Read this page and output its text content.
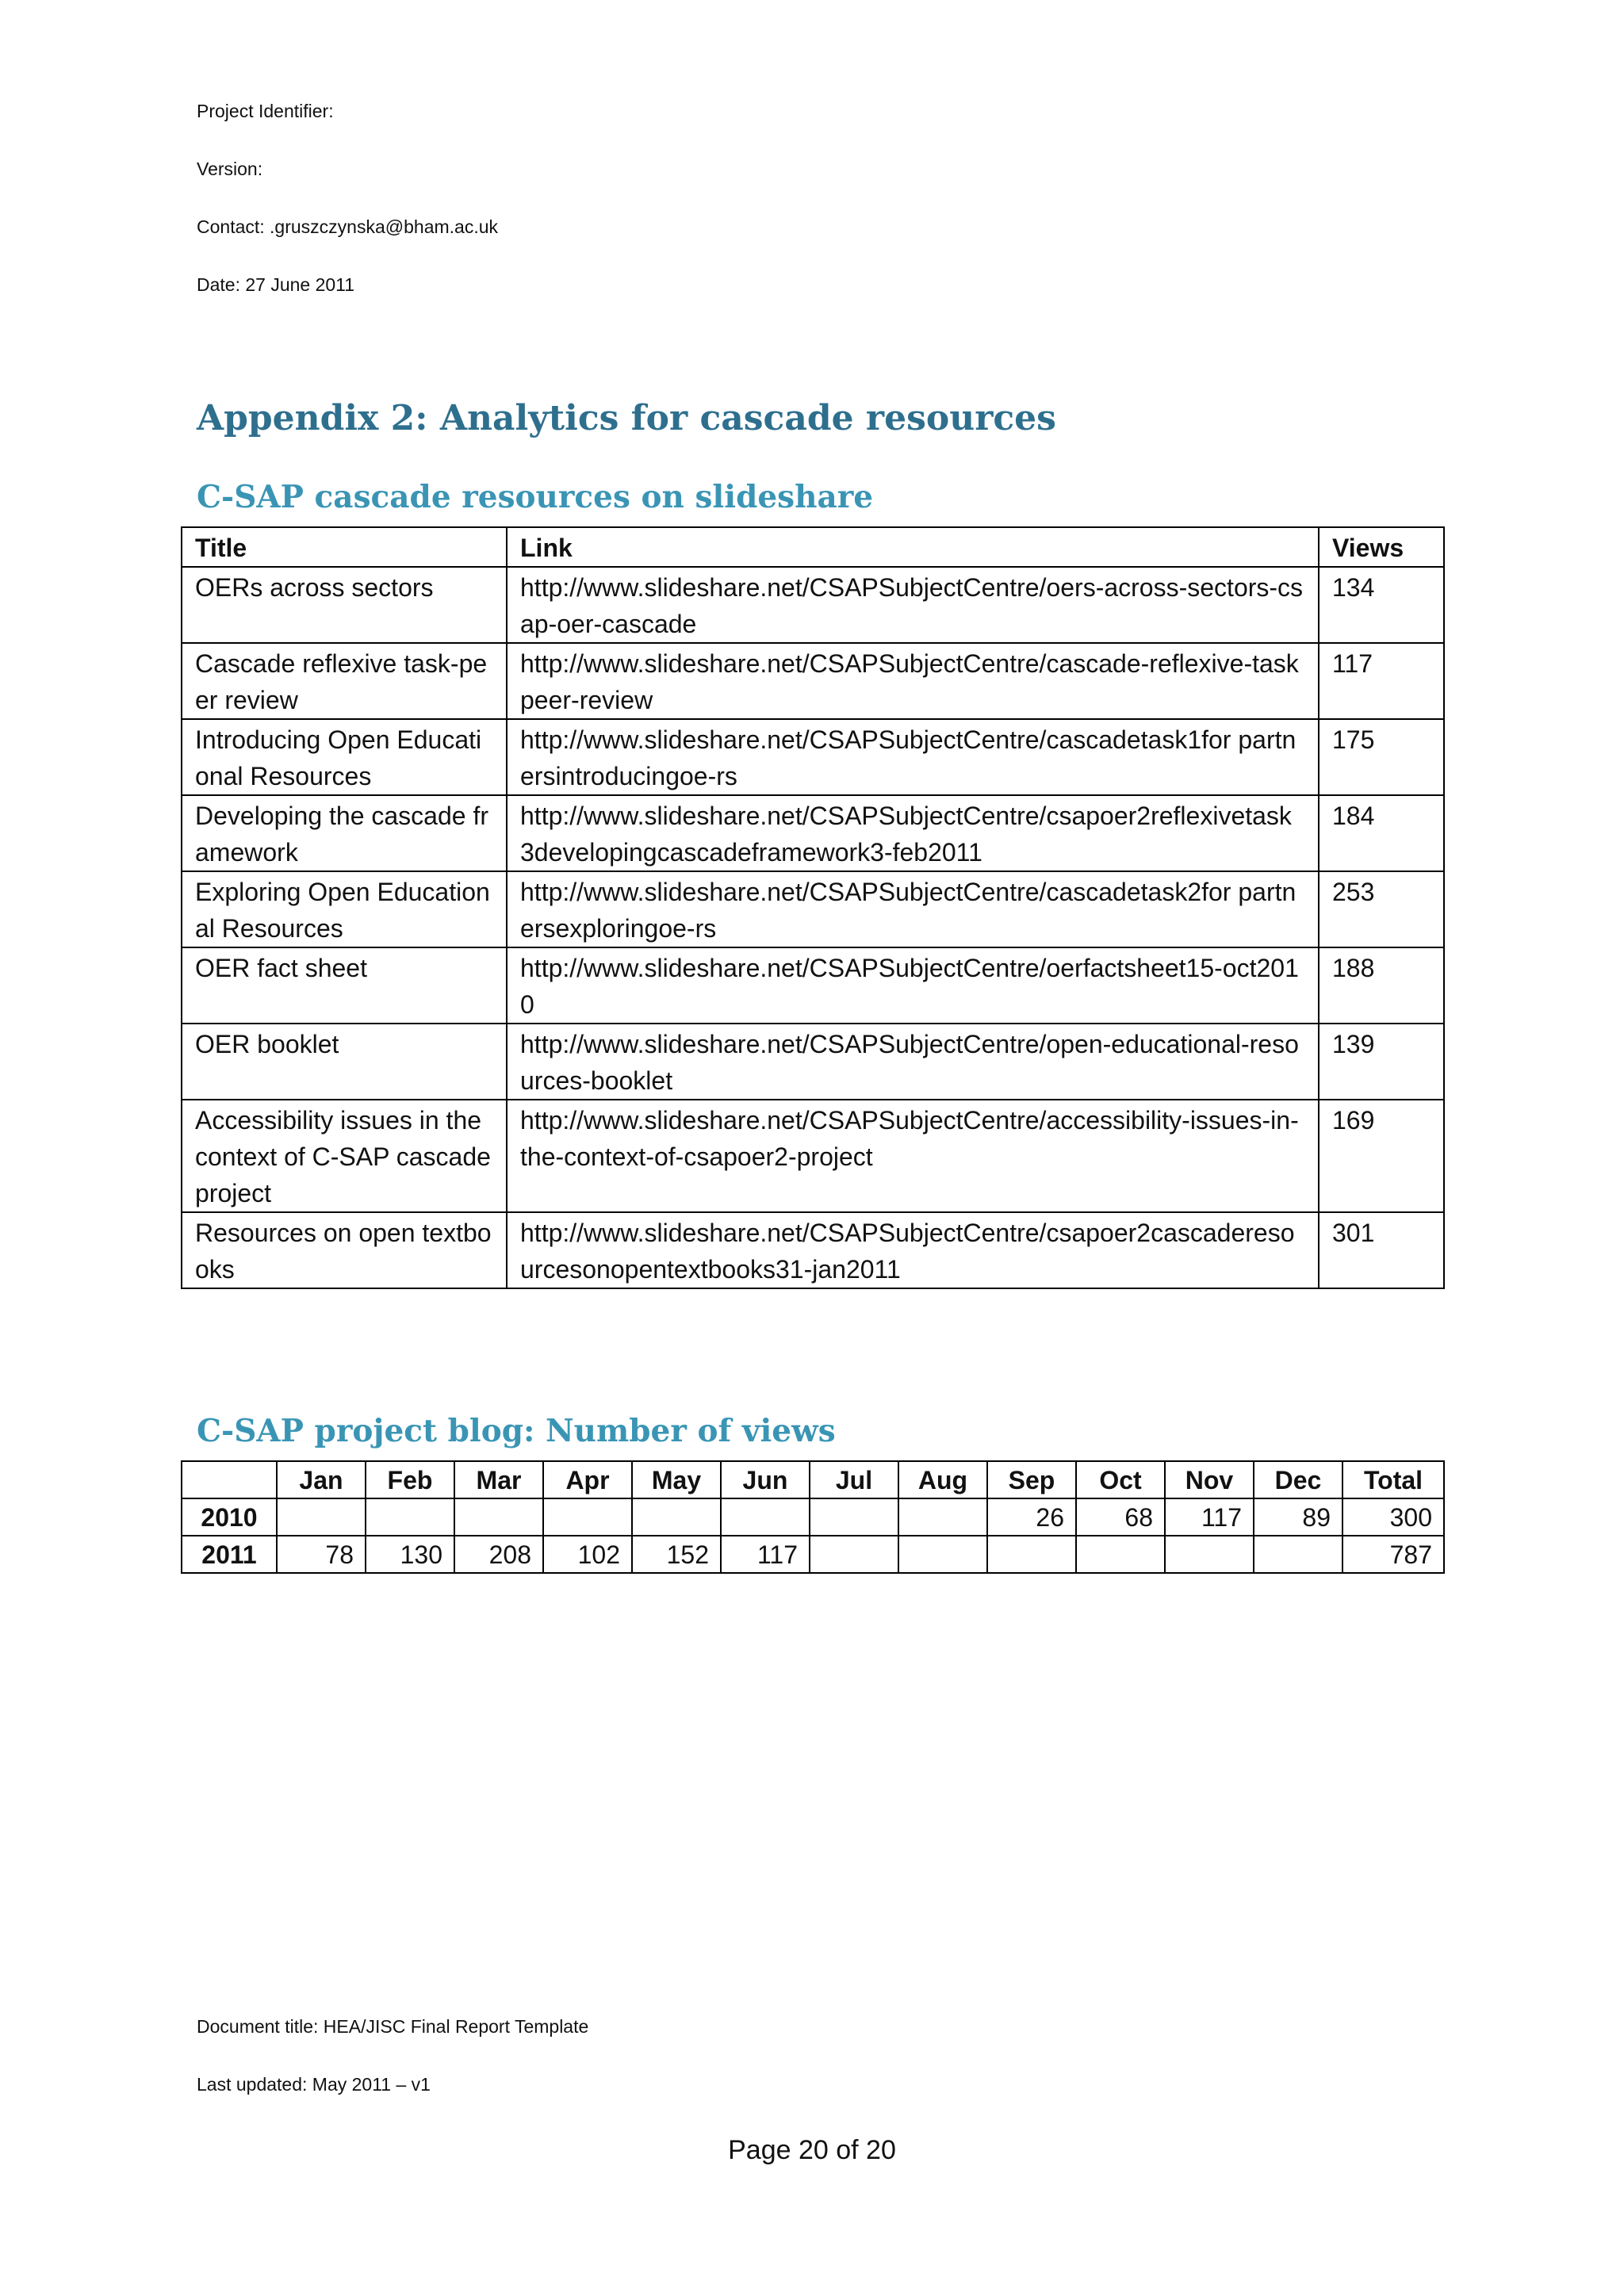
Project Identifier:
Version:
Contact: .gruszczynska@bham.ac.uk
Date: 27 June 2011
Appendix 2: Analytics for cascade resources
C-SAP cascade resources on slideshare
Title	Link	Views
OERs across sectors	http://www.slideshare.net/CSAPSubjectCentre/oers-across-sectors-csap-oer-cascade	134
Cascade reflexive task-peer review	http://www.slideshare.net/CSAPSubjectCentre/cascade-reflexive-taskpeer-review	117
Introducing Open Educational Resources	http://www.slideshare.net/CSAPSubjectCentre/cascadetask1for partnersintroducingoe-rs	175
Developing the cascade framework	http://www.slideshare.net/CSAPSubjectCentre/csapoer2reflexivetask3developingcascadeframework3-feb2011	184
Exploring Open Educational Resources	http://www.slideshare.net/CSAPSubjectCentre/cascadetask2for partnersexploringoe-rs	253
OER fact sheet	http://www.slideshare.net/CSAPSubjectCentre/oerfactsheet15-oct2010	188
OER booklet	http://www.slideshare.net/CSAPSubjectCentre/open-educational-resources-booklet	139
Accessibility issues in the context of C-SAP cascade project	http://www.slideshare.net/CSAPSubjectCentre/accessibility-issues-in-the-context-of-csapoer2-project	169
Resources on open textbooks	http://www.slideshare.net/CSAPSubjectCentre/csapoer2cascaderesourcesonopentextbooks31-jan2011	301
C-SAP project blog: Number of views
	Jan	Feb	Mar	Apr	May	Jun	Jul	Aug	Sep	Oct	Nov	Dec	Total
2010									26	68	117	89	300
2011	78	130	208	102	152	117							787
Document title: HEA/JISC Final Report Template
Last updated: May 2011 – v1
Page 20 of 20
